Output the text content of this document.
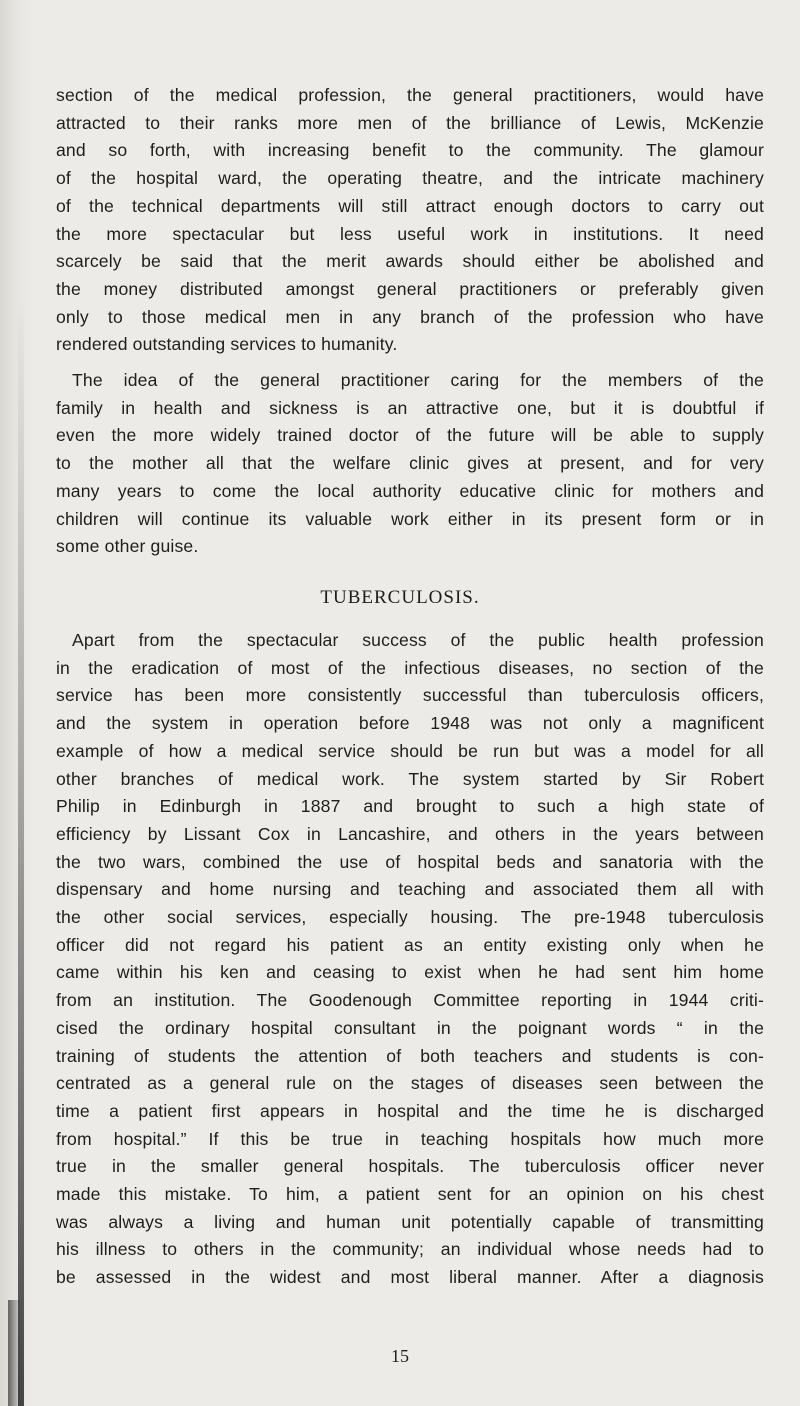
section of the medical profession, the general practitioners, would have
attracted to their ranks more men of the brilliance of Lewis, McKenzie
and so forth, with increasing benefit to the community. The glamour
of the hospital ward, the operating theatre, and the intricate machinery
of the technical departments will still attract enough doctors to carry out
the more spectacular but less useful work in institutions. It need
scarcely be said that the merit awards should either be abolished and
the money distributed amongst general practitioners or preferably given
only to those medical men in any branch of the profession who have
rendered outstanding services to humanity.
The idea of the general practitioner caring for the members of the
family in health and sickness is an attractive one, but it is doubtful if
even the more widely trained doctor of the future will be able to supply
to the mother all that the welfare clinic gives at present, and for very
many years to come the local authority educative clinic for mothers and
children will continue its valuable work either in its present form or in
some other guise.
TUBERCULOSIS.
Apart from the spectacular success of the public health profession
in the eradication of most of the infectious diseases, no section of the
service has been more consistently successful than tuberculosis officers,
and the system in operation before 1948 was not only a magnificent
example of how a medical service should be run but was a model for all
other branches of medical work. The system started by Sir Robert
Philip in Edinburgh in 1887 and brought to such a high state of
efficiency by Lissant Cox in Lancashire, and others in the years between
the two wars, combined the use of hospital beds and sanatoria with the
dispensary and home nursing and teaching and associated them all with
the other social services, especially housing. The pre-1948 tuberculosis
officer did not regard his patient as an entity existing only when he
came within his ken and ceasing to exist when he had sent him home
from an institution. The Goodenough Committee reporting in 1944 criti-
cised the ordinary hospital consultant in the poignant words “ in the
training of students the attention of both teachers and students is con-
centrated as a general rule on the stages of diseases seen between the
time a patient first appears in hospital and the time he is discharged
from hospital.” If this be true in teaching hospitals how much more
true in the smaller general hospitals. The tuberculosis officer never
made this mistake. To him, a patient sent for an opinion on his chest
was always a living and human unit potentially capable of transmitting
his illness to others in the community; an individual whose needs had to
be assessed in the widest and most liberal manner. After a diagnosis
15
